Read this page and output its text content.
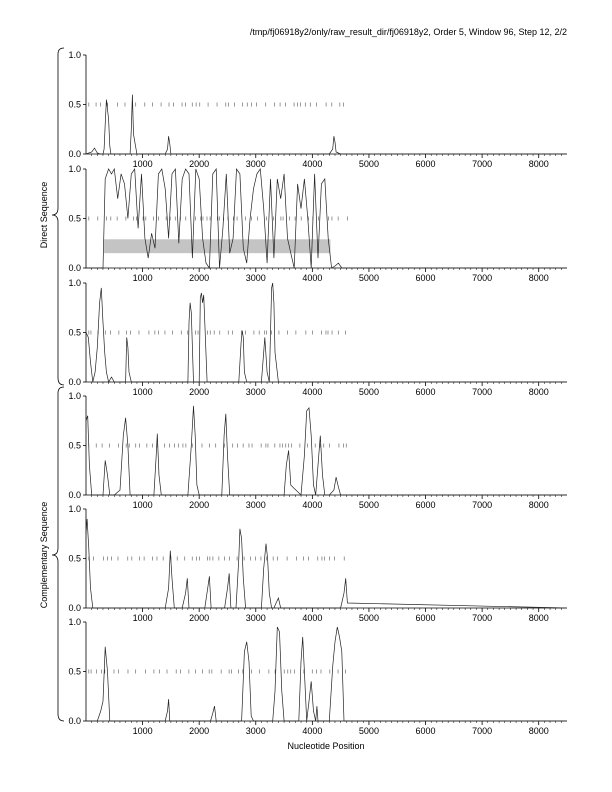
/tmp/fj06918y2/only/raw_result_dir/fj06918y2, Order 5, Window 96, Step 12, 2/2
Direct Sequence
Complementary Sequence
0.0
0.5
1.0
1000	2000	3000	4000	5000	6000	7000	8000
0.0
0.5
1.0
1000	2000	3000	4000	5000	6000	7000	8000
0.0
0.5
1.0
1000	2000	3000	4000	5000	6000	7000	8000
0.0
0.5
1.0
1000	2000	3000	4000	5000	6000	7000	8000
0.0
0.5
1.0
1000	2000	3000	4000	5000	6000	7000	8000
0.0
0.5
1.0
1000	2000	3000	4000	5000	6000	7000	8000
Nucleotide Position
